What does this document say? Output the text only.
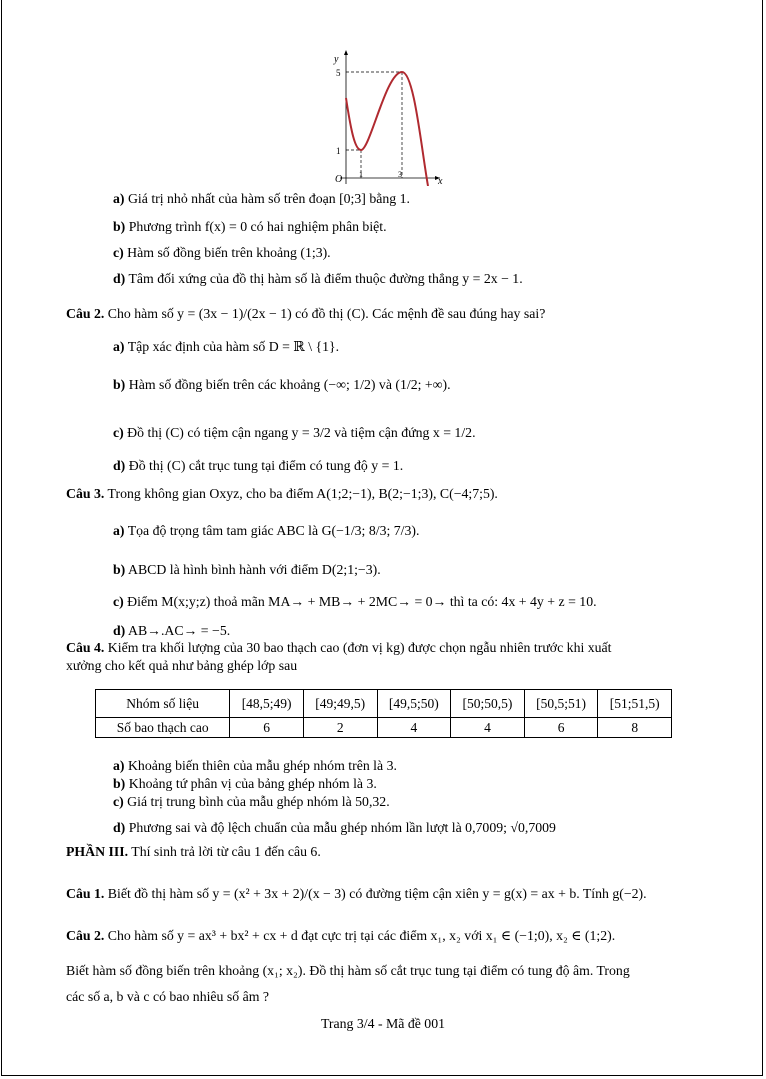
y
x
O
5
1
1	3
a) Giá trị nhỏ nhất của hàm số trên đoạn [0;3] bằng 1.
b) Phương trình f(x) = 0 có hai nghiệm phân biệt.
c) Hàm số đồng biến trên khoảng (1;3).
d) Tâm đối xứng của đồ thị hàm số là điểm thuộc đường thẳng y = 2x − 1.
Câu 2. Cho hàm số y = (3x − 1)/(2x − 1) có đồ thị (C). Các mệnh đề sau đúng hay sai?
a) Tập xác định của hàm số D = ℝ \ {1}.
b) Hàm số đồng biến trên các khoảng (−∞; 1/2) và (1/2; +∞).
c) Đồ thị (C) có tiệm cận ngang y = 3/2 và tiệm cận đứng x = 1/2.
d) Đồ thị (C) cắt trục tung tại điểm có tung độ y = 1.
Câu 3. Trong không gian Oxyz, cho ba điểm A(1;2;−1), B(2;−1;3), C(−4;7;5).
a) Tọa độ trọng tâm tam giác ABC là G(−1/3; 8/3; 7/3).
b) ABCD là hình bình hành với điểm D(2;1;−3).
c) Điểm M(x;y;z) thoả mãn MA→ + MB→ + 2MC→ = 0→ thì ta có: 4x + 4y + z = 10.
d) AB→.AC→ = −5.
Câu 4. Kiểm tra khối lượng của 30 bao thạch cao (đơn vị kg) được chọn ngẫu nhiên trước khi xuất
xưởng cho kết quả như bảng ghép lớp sau
Nhóm số liệu	[48,5;49)	[49;49,5)	[49,5;50)	[50;50,5)	[50,5;51)	[51;51,5)
Số bao thạch cao	6	2	4	4	6	8
a) Khoảng biến thiên của mẫu ghép nhóm trên là 3.
b) Khoảng tứ phân vị của bảng ghép nhóm là 3.
c) Giá trị trung bình của mẫu ghép nhóm là 50,32.
d) Phương sai và độ lệch chuẩn của mẫu ghép nhóm lần lượt là 0,7009; √0,7009
PHẦN III. Thí sinh trả lời từ câu 1 đến câu 6.
Câu 1. Biết đồ thị hàm số y = (x² + 3x + 2)/(x − 3) có đường tiệm cận xiên y = g(x) = ax + b. Tính g(−2).
Câu 2. Cho hàm số y = ax³ + bx² + cx + d đạt cực trị tại các điểm x₁, x₂ với x₁ ∈ (−1;0), x₂ ∈ (1;2).
Biết hàm số đồng biến trên khoảng (x₁; x₂). Đồ thị hàm số cắt trục tung tại điểm có tung độ âm. Trong
các số a, b và c có bao nhiêu số âm ?
Trang 3/4 - Mã đề 001
